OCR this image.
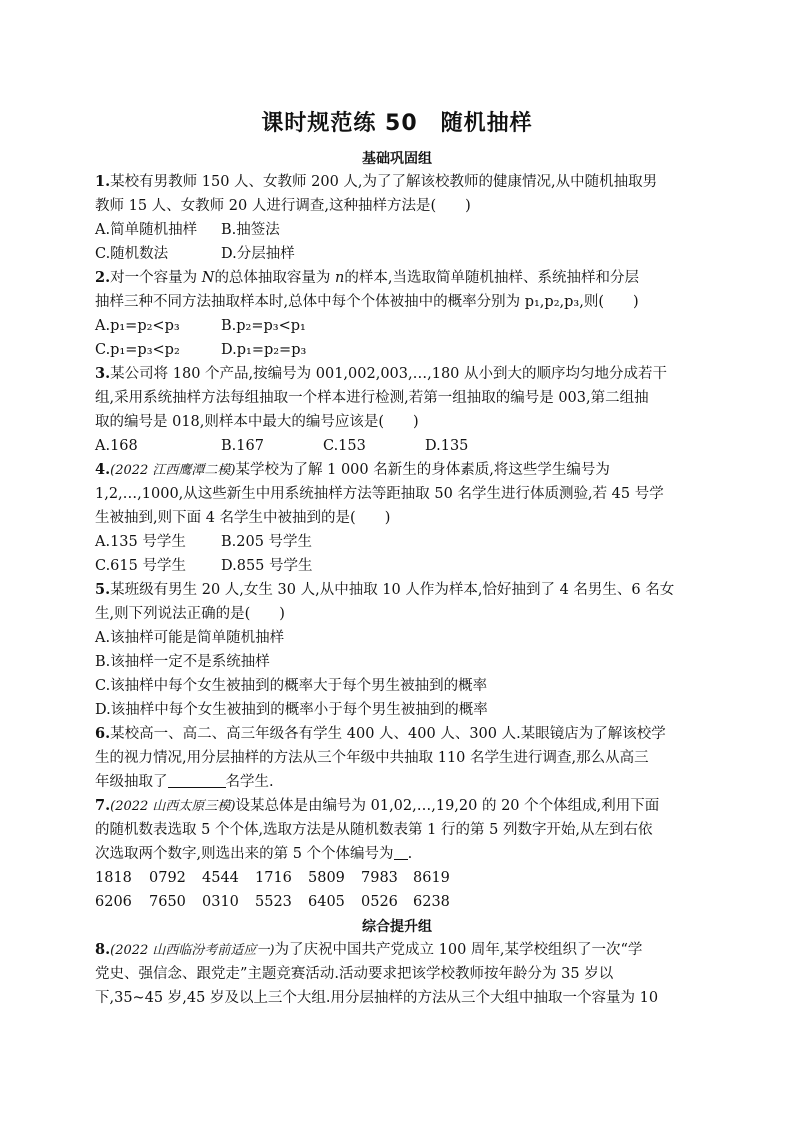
课时规范练 50　随机抽样
基础巩固组
1.某校有男教师 150 人、女教师 200 人,为了了解该校教师的健康情况,从中随机抽取男
教师 15 人、女教师 20 人进行调查,这种抽样方法是(　　)
A.简单随机抽样 B.抽签法
C.随机数法	D.分层抽样
2.对一个容量为 N的总体抽取容量为 n的样本,当选取简单随机抽样、系统抽样和分层
抽样三种不同方法抽取样本时,总体中每个个体被抽中的概率分别为 p₁,p₂,p₃,则(　　)
A.p₁=p₂<p₃	B.p₂=p₃<p₁
C.p₁=p₃<p₂	D.p₁=p₂=p₃
3.某公司将 180 个产品,按编号为 001,002,003,…,180 从小到大的顺序均匀地分成若干
组,采用系统抽样方法每组抽取一个样本进行检测,若第一组抽取的编号是 003,第二组抽
取的编号是 018,则样本中最大的编号应该是(　　)
A.168	B.167	C.153	D.135
4.(2022 江西鹰潭二模)某学校为了解 1 000 名新生的身体素质,将这些学生编号为
1,2,…,1000,从这些新生中用系统抽样方法等距抽取 50 名学生进行体质测验,若 45 号学
生被抽到,则下面 4 名学生中被抽到的是(　　)
A.135 号学生 B.205 号学生
C.615 号学生 D.855 号学生
5.某班级有男生 20 人,女生 30 人,从中抽取 10 人作为样本,恰好抽到了 4 名男生、6 名女
生,则下列说法正确的是(　　)
A.该抽样可能是简单随机抽样
B.该抽样一定不是系统抽样
C.该抽样中每个女生被抽到的概率大于每个男生被抽到的概率
D.该抽样中每个女生被抽到的概率小于每个男生被抽到的概率
6.某校高一、高二、高三年级各有学生 400 人、400 人、300 人.某眼镜店为了解该校学
生的视力情况,用分层抽样的方法从三个年级中共抽取 110 名学生进行调查,那么从高三
年级抽取了	名学生.
7.(2022 山西太原三模)设某总体是由编号为 01,02,…,19,20 的 20 个个体组成,利用下面
的随机数表选取 5 个个体,选取方法是从随机数表第 1 行的第 5 列数字开始,从左到右依
次选取两个数字,则选出来的第 5 个个体编号为 .
1818 0792 4544 1716 5809 7983 8619
6206 7650 0310 5523 6405 0526 6238
综合提升组
8.(2022 山西临汾考前适应一)为了庆祝中国共产党成立 100 周年,某学校组织了一次“学
党史、强信念、跟党走”主题竞赛活动.活动要求把该学校教师按年龄分为 35 岁以
下,35~45 岁,45 岁及以上三个大组.用分层抽样的方法从三个大组中抽取一个容量为 10
